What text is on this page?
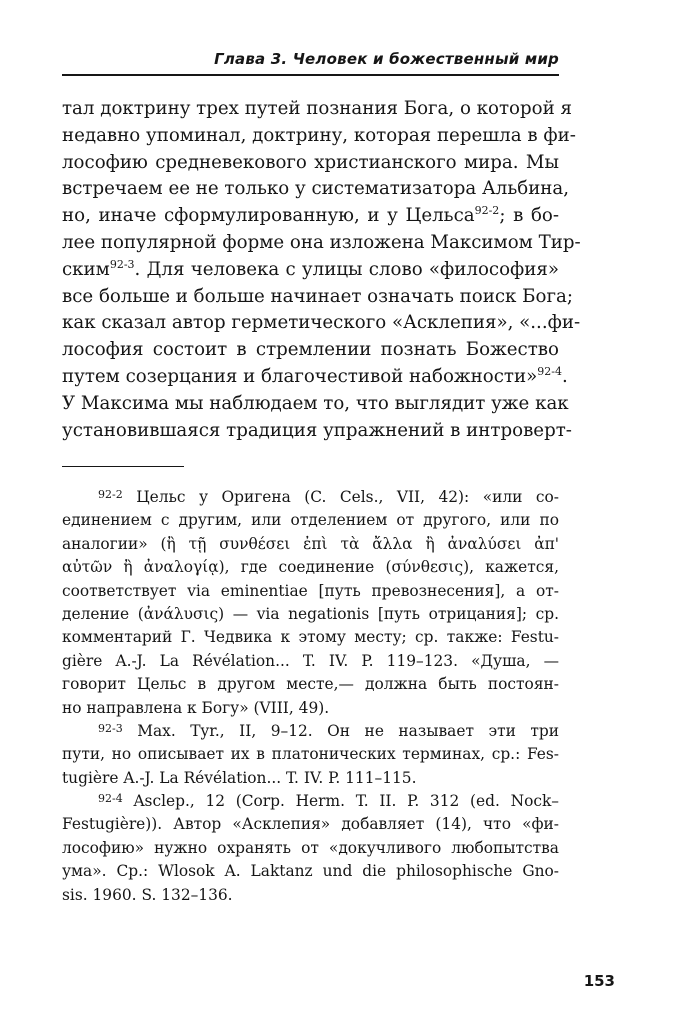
Глава 3. Человек и божественный мир
тал доктрину трех путей познания Бога, о которой я
недавно упоминал, доктрину, которая перешла в фи-
лософию средневекового христианского мира. Мы
встречаем ее не только у систематизатора Альбина,
но, иначе сформулированную, и у Цельса$^{92-2}$; в бо-
лее популярной форме она изложена Максимом Тир-
ским$^{92-3}$. Для человека с улицы слово «философия»
все больше и больше начинает означать поиск Бога;
как сказал автор герметического «Асклепия», «...фи-
лософия состоит в стремлении познать Божество
путем созерцания и благочестивой набожности»$^{92-4}$.
У Максима мы наблюдаем то, что выглядит уже как
установившаяся традиция упражнений в интроверт-
$^{92-2}$ Цельс у Оригена (C. Cels., VII, 42): «или со-
единением с другим, или отделением от другого, или по
аналогии» (ἢ τῇ συνθέσει ἐπὶ τὰ ἄλλα ἢ ἀναλύσει ἀπ'
αὐτῶν ἢ ἀναλογίᾳ), где соединение (σύνθεσις), кажется,
соответствует via eminentiae [путь превознесения], а от-
деление (ἀνάλυσις) — via negationis [путь отрицания]; ср.
комментарий Г. Чедвика к этому месту; ср. также: Festu-
gière A.-J. La Révélation... T. IV. P. 119–123. «Душа, —
говорит Цельс в другом месте,— должна быть постоян-
но направлена к Богу» (VIII, 49).
$^{92-3}$ Max. Tyr., II, 9–12. Он не называет эти три
пути, но описывает их в платонических терминах, ср.: Fes-
tugière A.-J. La Révélation... T. IV. P. 111–115.
$^{92-4}$ Asclep., 12 (Corp. Herm. T. II. P. 312 (ed. Nock–
Festugière)). Автор «Асклепия» добавляет (14), что «фи-
лософию» нужно охранять от «докучливого любопытства
ума». Ср.: Wlosok A. Laktanz und die philosophische Gno-
sis. 1960. S. 132–136.
153
